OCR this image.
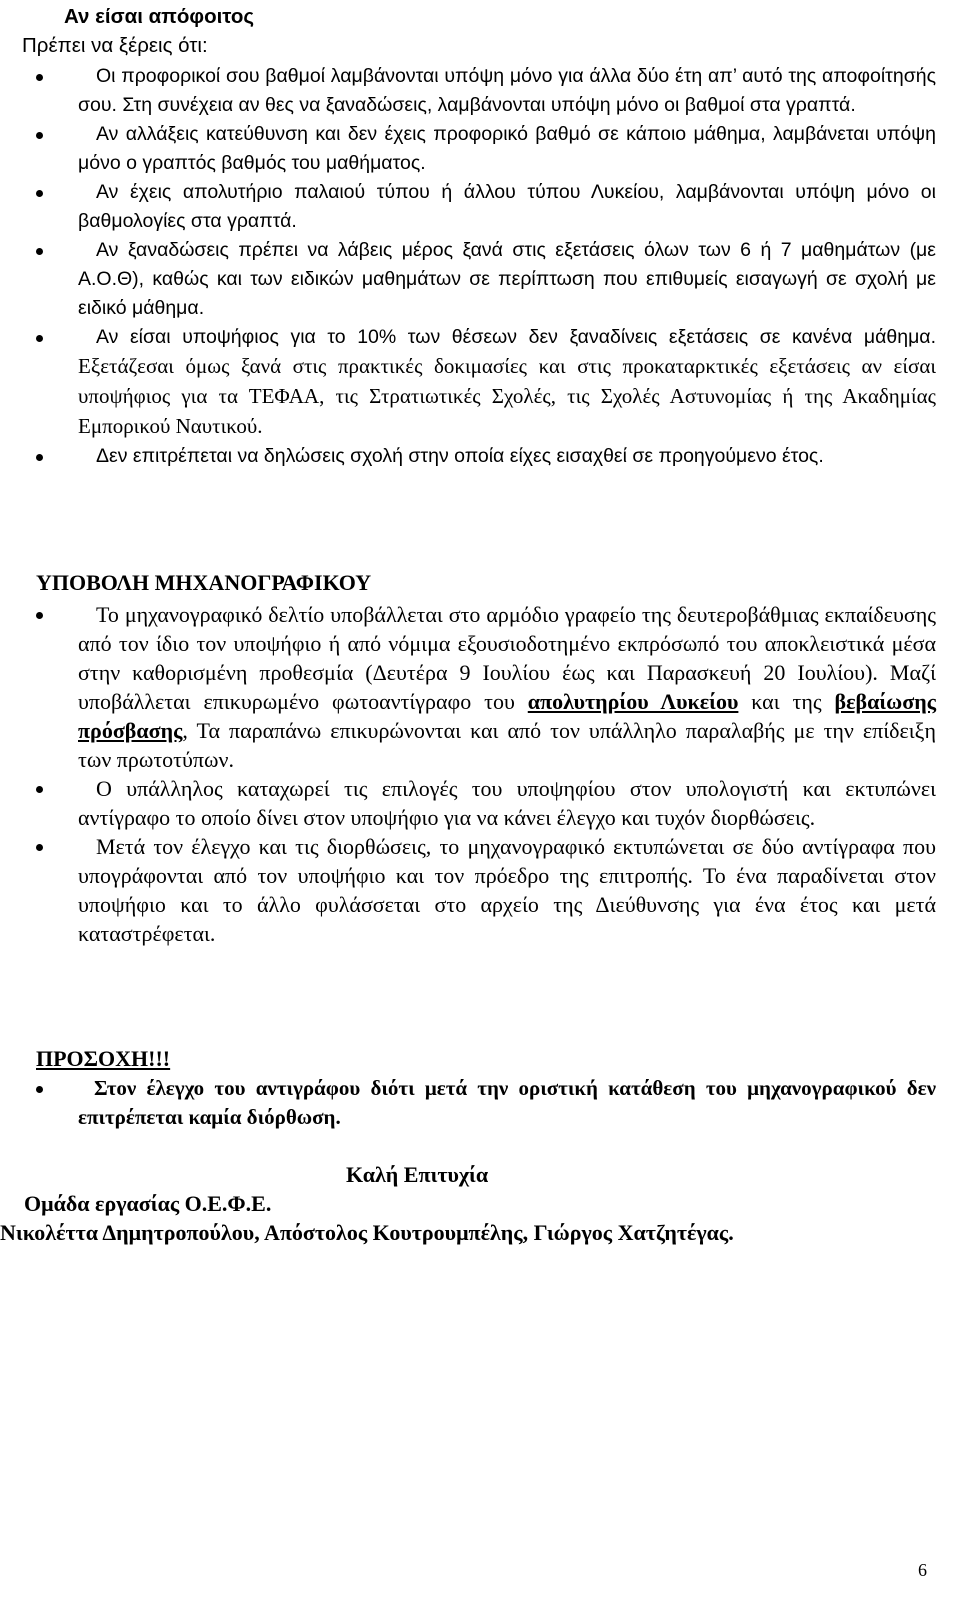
Αν είσαι απόφοιτος
Πρέπει να ξέρεις ότι:
Οι προφορικοί σου βαθμοί λαμβάνονται υπόψη μόνο για άλλα δύο έτη απ’ αυτό της αποφοίτησής σου. Στη συνέχεια αν θες να ξαναδώσεις, λαμβάνονται υπόψη μόνο οι βαθμοί στα γραπτά.
Αν αλλάξεις κατεύθυνση και δεν έχεις προφορικό βαθμό σε κάποιο μάθημα, λαμβάνεται υπόψη μόνο ο γραπτός βαθμός του μαθήματος.
Αν έχεις απολυτήριο παλαιού τύπου ή άλλου τύπου Λυκείου, λαμβάνονται υπόψη μόνο οι βαθμολογίες στα γραπτά.
Αν ξαναδώσεις πρέπει να λάβεις μέρος ξανά στις εξετάσεις όλων των 6 ή 7 μαθημάτων (με Α.Ο.Θ), καθώς και των ειδικών μαθημάτων σε περίπτωση που επιθυμείς εισαγωγή σε σχολή με ειδικό μάθημα.
Αν είσαι υποψήφιος για το 10% των θέσεων δεν ξαναδίνεις εξετάσεις σε κανένα μάθημα. Εξετάζεσαι όμως ξανά στις πρακτικές δοκιμασίες και στις προκαταρκτικές εξετάσεις αν είσαι υποψήφιος για τα ΤΕΦΑΑ, τις Στρατιωτικές Σχολές, τις Σχολές Αστυνομίας ή της Ακαδημίας Εμπορικού Ναυτικού.
Δεν επιτρέπεται να δηλώσεις σχολή στην οποία είχες εισαχθεί σε προηγούμενο έτος.
ΥΠΟΒΟΛΗ ΜΗΧΑΝΟΓΡΑΦΙΚΟΥ
Το μηχανογραφικό δελτίο υποβάλλεται στο αρμόδιο γραφείο της δευτεροβάθμιας εκπαίδευσης από τον ίδιο τον υποψήφιο ή από νόμιμα εξουσιοδοτημένο εκπρόσωπό του αποκλειστικά μέσα στην καθορισμένη προθεσμία (Δευτέρα 9 Ιουλίου έως και Παρασκευή 20 Ιουλίου). Μαζί υποβάλλεται επικυρωμένο φωτοαντίγραφο του απολυτηρίου Λυκείου και της βεβαίωσης πρόσβασης, Τα παραπάνω επικυρώνονται και από τον υπάλληλο παραλαβής με την επίδειξη των πρωτοτύπων.
Ο υπάλληλος καταχωρεί τις επιλογές του υποψηφίου στον υπολογιστή και εκτυπώνει αντίγραφο το οποίο δίνει στον υποψήφιο για να κάνει έλεγχο και τυχόν διορθώσεις.
Μετά τον έλεγχο και τις διορθώσεις, το μηχανογραφικό εκτυπώνεται σε δύο αντίγραφα που υπογράφονται από τον υποψήφιο και τον πρόεδρο της επιτροπής. Το ένα παραδίνεται στον υποψήφιο και το άλλο φυλάσσεται στο αρχείο της Διεύθυνσης για ένα έτος και μετά καταστρέφεται.
ΠΡΟΣΟΧΗ!!!
Στον έλεγχο του αντιγράφου διότι μετά την οριστική κατάθεση του μηχανογραφικού δεν επιτρέπεται καμία διόρθωση.
Καλή Επιτυχία
Ομάδα εργασίας Ο.Ε.Φ.Ε.
Νικολέττα Δημητροπούλου, Απόστολος Κουτρουμπέλης, Γιώργος Χατζητέγας.
6
